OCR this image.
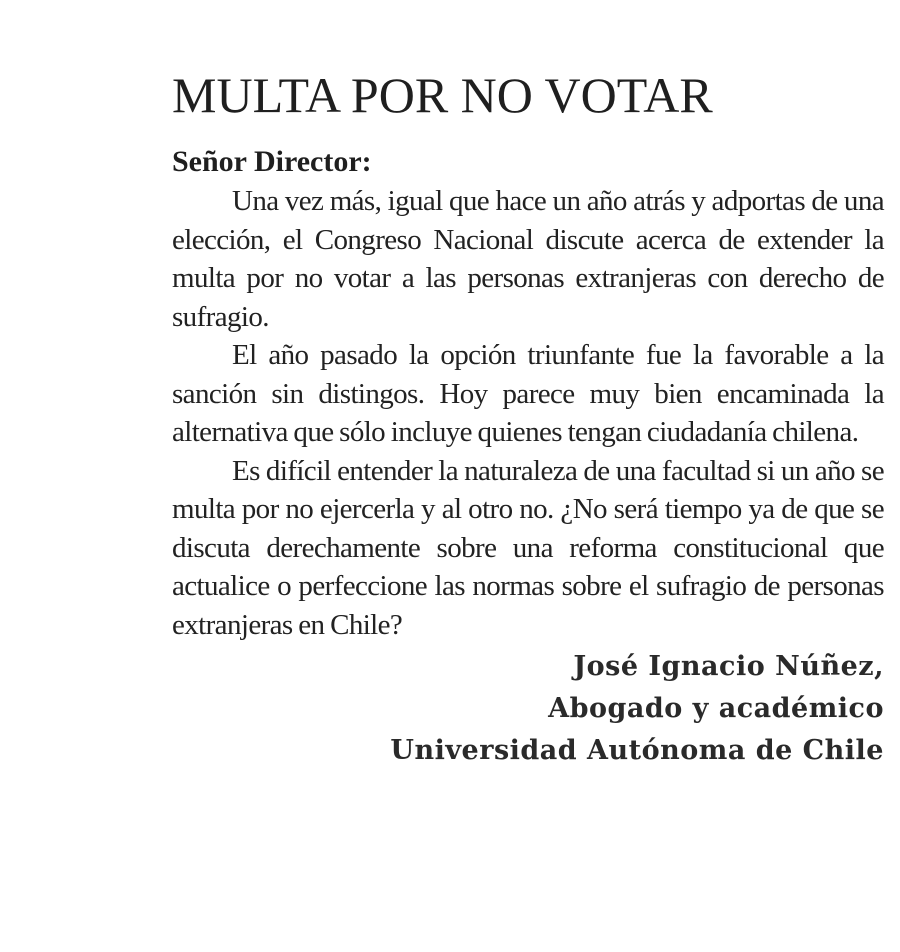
MULTA POR NO VOTAR
Señor Director:

Una vez más, igual que hace un año atrás y adportas de una elección, el Congreso Nacional discute acerca de extender la multa por no votar a las personas extranjeras con derecho de sufragio.

El año pasado la opción triunfante fue la favorable a la sanción sin distingos. Hoy parece muy bien encaminada la alternativa que sólo incluye quienes tengan ciudadanía chilena.

Es difícil entender la naturaleza de una facultad si un año se multa por no ejercerla y al otro no. ¿No será tiempo ya de que se discuta derechamente sobre una reforma constitucional que actualice o perfeccione las normas sobre el sufragio de personas extranjeras en Chile?

José Ignacio Núñez,
Abogado y académico
Universidad Autónoma de Chile
